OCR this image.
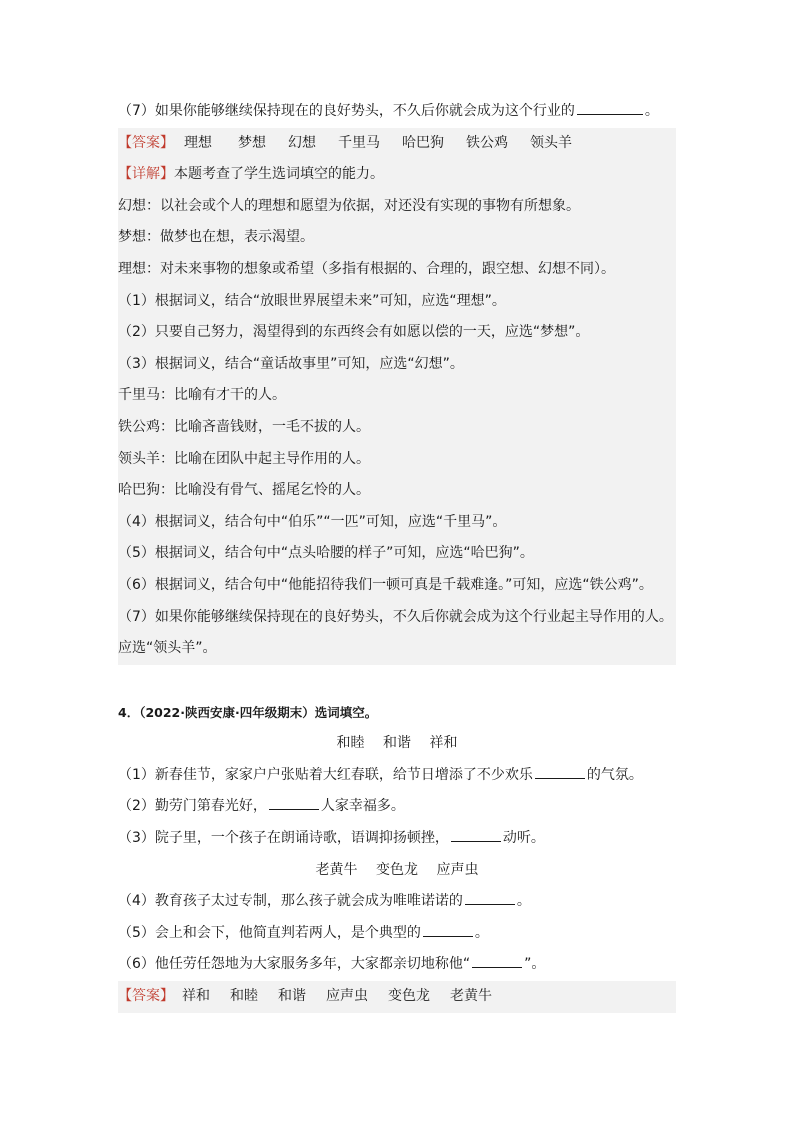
（7）如果你能够继续保持现在的良好势头，不久后你就会成为这个行业的	。
【答案】 理想 梦想 幻想 千里马 哈巴狗 铁公鸡 领头羊
【详解】本题考查了学生选词填空的能力。
幻想：以社会或个人的理想和愿望为依据，对还没有实现的事物有所想象。
梦想：做梦也在想，表示渴望。
理想：对未来事物的想象或希望（多指有根据的、合理的，跟空想、幻想不同）。
（1）根据词义，结合“放眼世界展望未来”可知，应选“理想”。
（2）只要自己努力，渴望得到的东西终会有如愿以偿的一天，应选“梦想”。
（3）根据词义，结合“童话故事里”可知，应选“幻想”。
千里马：比喻有才干的人。
铁公鸡：比喻吝啬钱财，一毛不拔的人。
领头羊：比喻在团队中起主导作用的人。
哈巴狗：比喻没有骨气、摇尾乞怜的人。
（4）根据词义，结合句中“伯乐”“一匹”可知，应选“千里马”。
（5）根据词义，结合句中“点头哈腰的样子”可知，应选“哈巴狗”。
（6）根据词义，结合句中“他能招待我们一顿可真是千载难逢。”可知，应选“铁公鸡”。
（7）如果你能够继续保持现在的良好势头，不久后你就会成为这个行业起主导作用的人。
应选“领头羊”。
4．（2022·陕西安康·四年级期末）选词填空。
和睦 和谐 祥和
（1）新春佳节，家家户户张贴着大红春联，给节日增添了不少欢乐	的气氛。
（2）勤劳门第春光好，	人家幸福多。
（3）院子里，一个孩子在朗诵诗歌，语调抑扬顿挫，	动听。
老黄牛 变色龙 应声虫
（4）教育孩子太过专制，那么孩子就会成为唯唯诺诺的	。
（5）会上和会下，他简直判若两人，是个典型的	。
（6）他任劳任怨地为大家服务多年，大家都亲切地称他“	”。
【答案】 祥和 和睦 和谐 应声虫 变色龙 老黄牛
